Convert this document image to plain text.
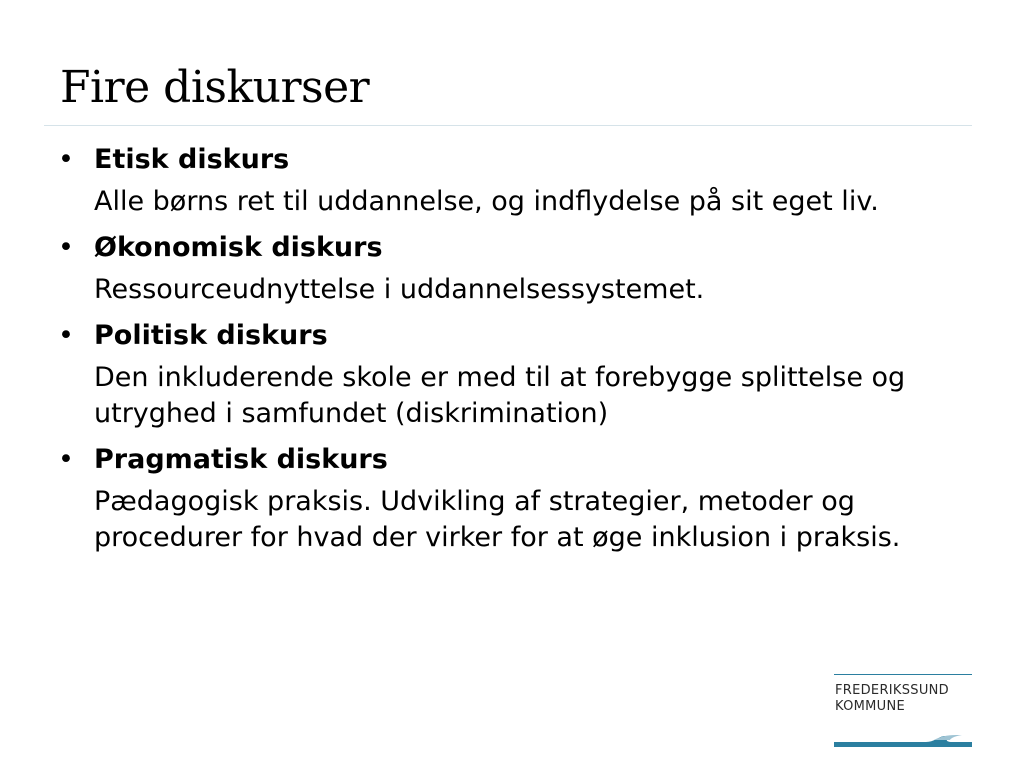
Fire diskurser
• Etisk diskurs
Alle børns ret til uddannelse, og indflydelse på sit eget liv.
• Økonomisk diskurs
Ressourceudnyttelse i uddannelsessystemet.
• Politisk diskurs
Den inkluderende skole er med til at forebygge splittelse og utryghed i samfundet (diskrimination)
• Pragmatisk diskurs
Pædagogisk praksis. Udvikling af strategier, metoder og procedurer for hvad der virker for at øge inklusion i praksis.
FREDERIKSSUND
KOMMUNE
